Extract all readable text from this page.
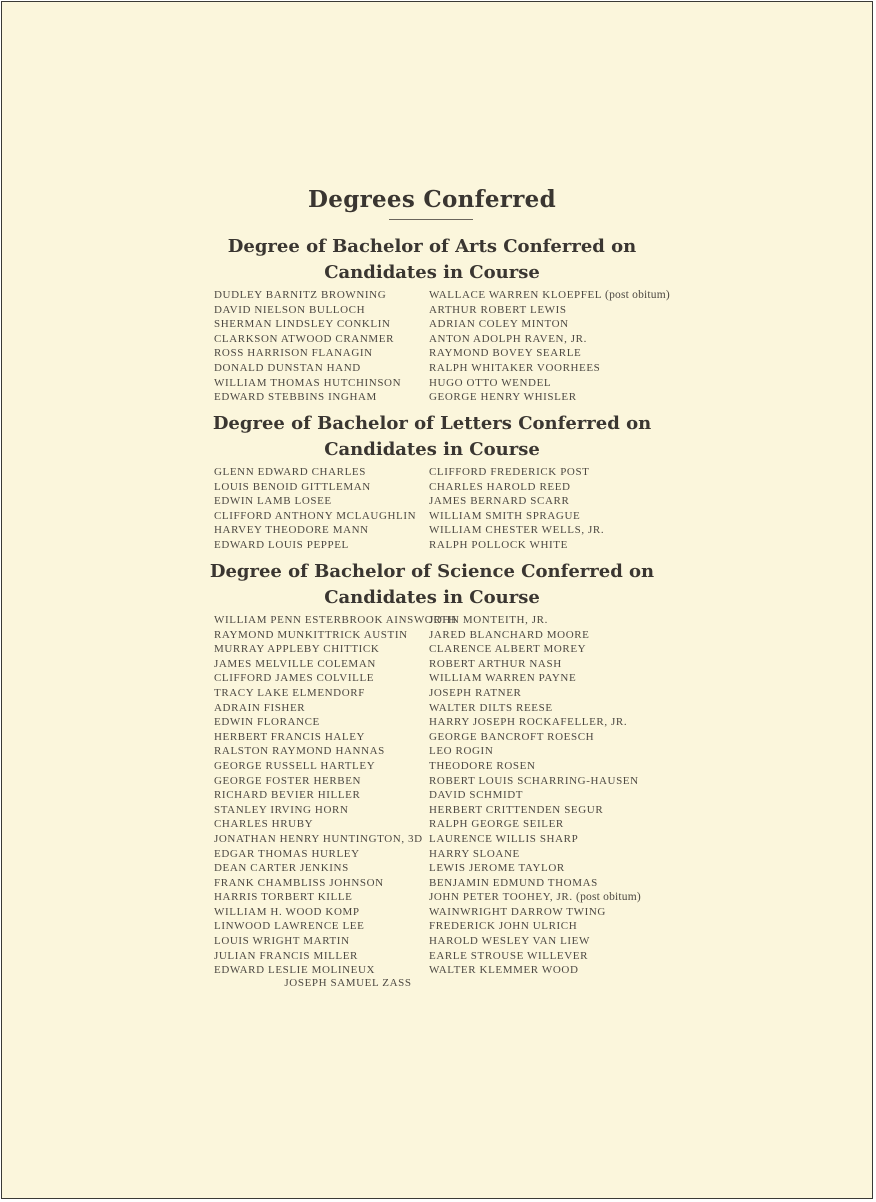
Degrees Conferred
Degree of Bachelor of Arts Conferred on
Candidates in Course
DUDLEY BARNITZ BROWNING
DAVID NIELSON BULLOCH
SHERMAN LINDSLEY CONKLIN
CLARKSON ATWOOD CRANMER
ROSS HARRISON FLANAGIN
DONALD DUNSTAN HAND
WILLIAM THOMAS HUTCHINSON
EDWARD STEBBINS INGHAM
WALLACE WARREN KLOEPFEL (post obitum)
ARTHUR ROBERT LEWIS
ADRIAN COLEY MINTON
ANTON ADOLPH RAVEN, JR.
RAYMOND BOVEY SEARLE
RALPH WHITAKER VOORHEES
HUGO OTTO WENDEL
GEORGE HENRY WHISLER
Degree of Bachelor of Letters Conferred on
Candidates in Course
GLENN EDWARD CHARLES
LOUIS BENOID GITTLEMAN
EDWIN LAMB LOSEE
CLIFFORD ANTHONY MCLAUGHLIN
HARVEY THEODORE MANN
EDWARD LOUIS PEPPEL
CLIFFORD FREDERICK POST
CHARLES HAROLD REED
JAMES BERNARD SCARR
WILLIAM SMITH SPRAGUE
WILLIAM CHESTER WELLS, JR.
RALPH POLLOCK WHITE
Degree of Bachelor of Science Conferred on
Candidates in Course
WILLIAM PENN ESTERBROOK AINSWORTH
RAYMOND MUNKITTRICK AUSTIN
MURRAY APPLEBY CHITTICK
JAMES MELVILLE COLEMAN
CLIFFORD JAMES COLVILLE
TRACY LAKE ELMENDORF
ADRAIN FISHER
EDWIN FLORANCE
HERBERT FRANCIS HALEY
RALSTON RAYMOND HANNAS
GEORGE RUSSELL HARTLEY
GEORGE FOSTER HERBEN
RICHARD BEVIER HILLER
STANLEY IRVING HORN
CHARLES HRUBY
JONATHAN HENRY HUNTINGTON, 3D
EDGAR THOMAS HURLEY
DEAN CARTER JENKINS
FRANK CHAMBLISS JOHNSON
HARRIS TORBERT KILLE
WILLIAM H. WOOD KOMP
LINWOOD LAWRENCE LEE
LOUIS WRIGHT MARTIN
JULIAN FRANCIS MILLER
EDWARD LESLIE MOLINEUX
JOHN MONTEITH, JR.
JARED BLANCHARD MOORE
CLARENCE ALBERT MOREY
ROBERT ARTHUR NASH
WILLIAM WARREN PAYNE
JOSEPH RATNER
WALTER DILTS REESE
HARRY JOSEPH ROCKAFELLER, JR.
GEORGE BANCROFT ROESCH
LEO ROGIN
THEODORE ROSEN
ROBERT LOUIS SCHARRING-HAUSEN
DAVID SCHMIDT
HERBERT CRITTENDEN SEGUR
RALPH GEORGE SEILER
LAURENCE WILLIS SHARP
HARRY SLOANE
LEWIS JEROME TAYLOR
BENJAMIN EDMUND THOMAS
JOHN PETER TOOHEY, JR. (post obitum)
WAINWRIGHT DARROW TWING
FREDERICK JOHN ULRICH
HAROLD WESLEY VAN LIEW
EARLE STROUSE WILLEVER
WALTER KLEMMER WOOD
JOSEPH SAMUEL ZASS
